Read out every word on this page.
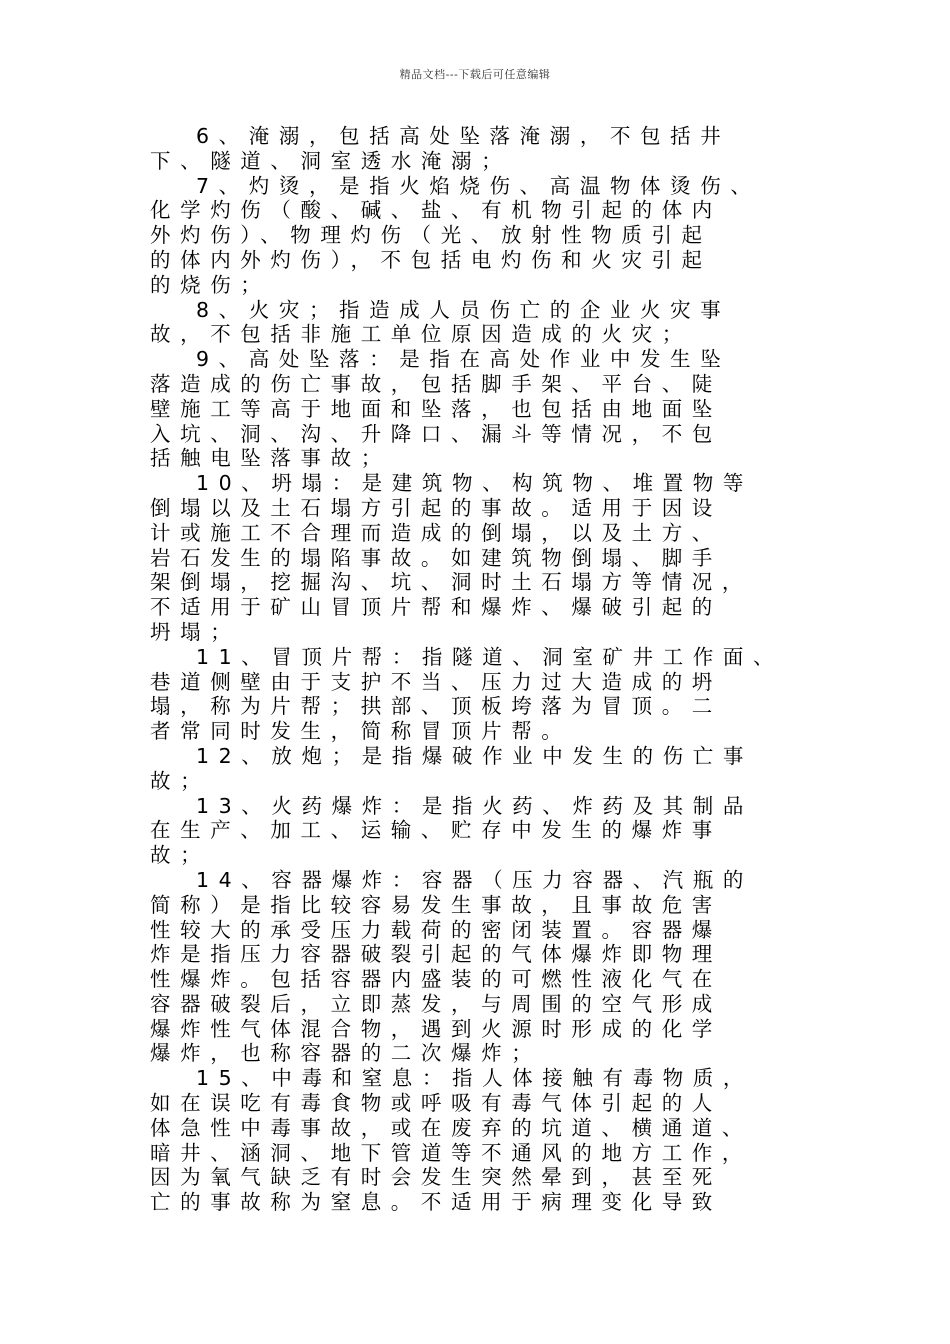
精品文档---下载后可任意编辑
6、淹溺，包括高处坠落淹溺，不包括井
下、隧道、洞室透水淹溺；
7、灼烫，是指火焰烧伤、高温物体烫伤、
化学灼伤（酸、碱、盐、有机物引起的体内
外灼伤）、物理灼伤（光、放射性物质引起
的体内外灼伤），不包括电灼伤和火灾引起
的烧伤；
8、火灾；指造成人员伤亡的企业火灾事
故，不包括非施工单位原因造成的火灾；
9、高处坠落：是指在高处作业中发生坠
落造成的伤亡事故，包括脚手架、平台、陡
壁施工等高于地面和坠落，也包括由地面坠
入坑、洞、沟、升降口、漏斗等情况，不包
括触电坠落事故；
10、坍塌：是建筑物、构筑物、堆置物等
倒塌以及土石塌方引起的事故。适用于因设
计或施工不合理而造成的倒塌，以及土方、
岩石发生的塌陷事故。如建筑物倒塌、脚手
架倒塌，挖掘沟、坑、洞时土石塌方等情况，
不适用于矿山冒顶片帮和爆炸、爆破引起的
坍塌；
11、冒顶片帮：指隧道、洞室矿井工作面、
巷道侧壁由于支护不当、压力过大造成的坍
塌，称为片帮；拱部、顶板垮落为冒顶。二
者常同时发生，简称冒顶片帮。
12、放炮；是指爆破作业中发生的伤亡事
故；
13、火药爆炸：是指火药、炸药及其制品
在生产、加工、运输、贮存中发生的爆炸事
故；
14、容器爆炸：容器（压力容器、汽瓶的
简称）是指比较容易发生事故，且事故危害
性较大的承受压力载荷的密闭装置。容器爆
炸是指压力容器破裂引起的气体爆炸即物理
性爆炸。包括容器内盛装的可燃性液化气在
容器破裂后，立即蒸发，与周围的空气形成
爆炸性气体混合物，遇到火源时形成的化学
爆炸，也称容器的二次爆炸；
15、中毒和窒息：指人体接触有毒物质，
如在误吃有毒食物或呼吸有毒气体引起的人
体急性中毒事故，或在废弃的坑道、横通道、
暗井、涵洞、地下管道等不通风的地方工作，
因为氧气缺乏有时会发生突然晕到，甚至死
亡的事故称为窒息。不适用于病理变化导致
